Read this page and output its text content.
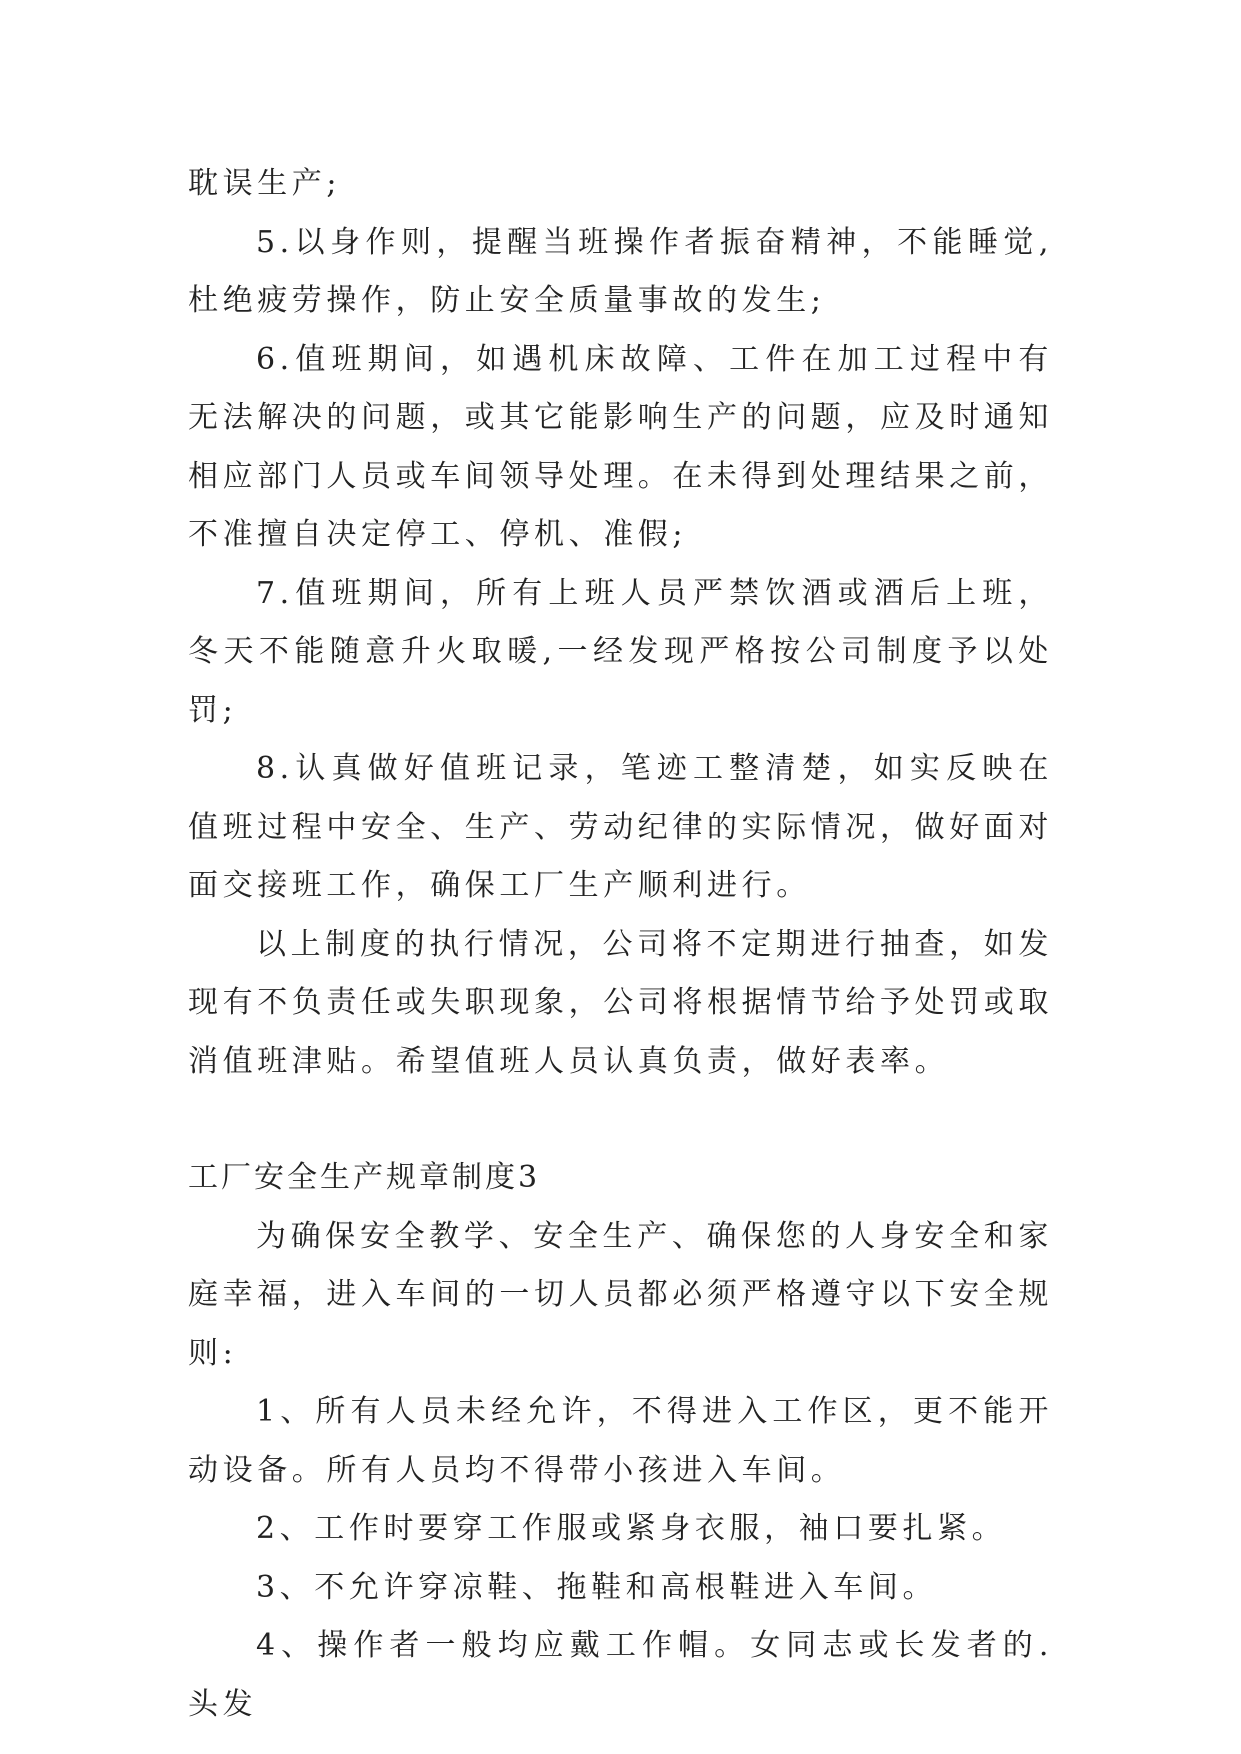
耽误生产;

5.以身作则，提醒当班操作者振奋精神，不能睡觉,杜绝疲劳操作，防止安全质量事故的发生;

6.值班期间，如遇机床故障、工件在加工过程中有无法解决的问题，或其它能影响生产的问题，应及时通知相应部门人员或车间领导处理。在未得到处理结果之前，不准擅自决定停工、停机、准假;

7.值班期间，所有上班人员严禁饮酒或酒后上班，冬天不能随意升火取暖,一经发现严格按公司制度予以处罚;

8.认真做好值班记录，笔迹工整清楚，如实反映在值班过程中安全、生产、劳动纪律的实际情况，做好面对面交接班工作，确保工厂生产顺利进行。

以上制度的执行情况，公司将不定期进行抽查，如发现有不负责任或失职现象，公司将根据情节给予处罚或取消值班津贴。希望值班人员认真负责，做好表率。

工厂安全生产规章制度3

为确保安全教学、安全生产、确保您的人身安全和家庭幸福，进入车间的一切人员都必须严格遵守以下安全规则:

1、所有人员未经允许，不得进入工作区，更不能开动设备。所有人员均不得带小孩进入车间。

2、工作时要穿工作服或紧身衣服，袖口要扎紧。

3、不允许穿凉鞋、拖鞋和高根鞋进入车间。

4、操作者一般均应戴工作帽。女同志或长发者的.头发
